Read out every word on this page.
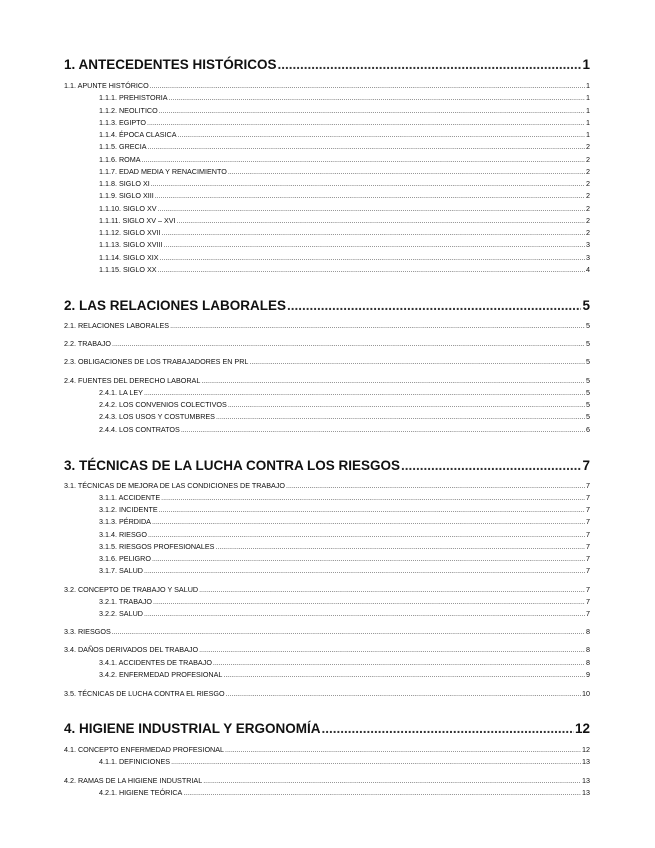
1. ANTECEDENTES HISTÓRICOS .....	1
1.1. APUNTE HISTÓRICO .....	1
1.1.1. PREHISTORIA .....	1
1.1.2. NEOLITICO .....	1
1.1.3. EGIPTO .....	1
1.1.4. ÉPOCA CLASICA .....	1
1.1.5. GRECIA .....	2
1.1.6. ROMA .....	2
1.1.7. EDAD MEDIA Y RENACIMIENTO .....	2
1.1.8. SIGLO XI .....	2
1.1.9. SIGLO XIII .....	2
1.1.10. SIGLO XV .....	2
1.1.11. SIGLO XV – XVI .....	2
1.1.12. SIGLO XVII .....	2
1.1.13. SIGLO XVIII .....	3
1.1.14. SIGLO XIX .....	3
1.1.15. SIGLO XX .....	4
2. LAS RELACIONES LABORALES .....	5
2.1. RELACIONES LABORALES .....	5
2.2. TRABAJO .....	5
2.3. OBLIGACIONES DE LOS TRABAJADORES EN PRL .....	5
2.4. FUENTES DEL DERECHO LABORAL .....	5
2.4.1. LA LEY .....	5
2.4.2. LOS CONVENIOS COLECTIVOS .....	5
2.4.3. LOS USOS Y COSTUMBRES .....	5
2.4.4. LOS CONTRATOS .....	6
3. TÉCNICAS DE LA LUCHA CONTRA LOS RIESGOS .....	7
3.1. TÉCNICAS DE MEJORA DE LAS CONDICIONES DE TRABAJO .....	7
3.1.1. ACCIDENTE .....	7
3.1.2. INCIDENTE .....	7
3.1.3. PÉRDIDA .....	7
3.1.4. RIESGO .....	7
3.1.5. RIESGOS PROFESIONALES .....	7
3.1.6. PELIGRO .....	7
3.1.7. SALUD .....	7
3.2. CONCEPTO DE TRABAJO Y SALUD .....	7
3.2.1. TRABAJO .....	7
3.2.2. SALUD .....	7
3.3. RIESGOS .....	8
3.4. DAÑOS DERIVADOS DEL TRABAJO .....	8
3.4.1. ACCIDENTES DE TRABAJO .....	8
3.4.2. ENFERMEDAD PROFESIONAL .....	9
3.5. TÉCNICAS DE LUCHA CONTRA EL RIESGO .....	10
4. HIGIENE INDUSTRIAL Y ERGONOMÍA .....	12
4.1. CONCEPTO ENFERMEDAD PROFESIONAL .....	12
4.1.1. DEFINICIONES .....	13
4.2. RAMAS DE LA HIGIENE INDUSTRIAL .....	13
4.2.1. HIGIENE TEÓRICA .....	13
